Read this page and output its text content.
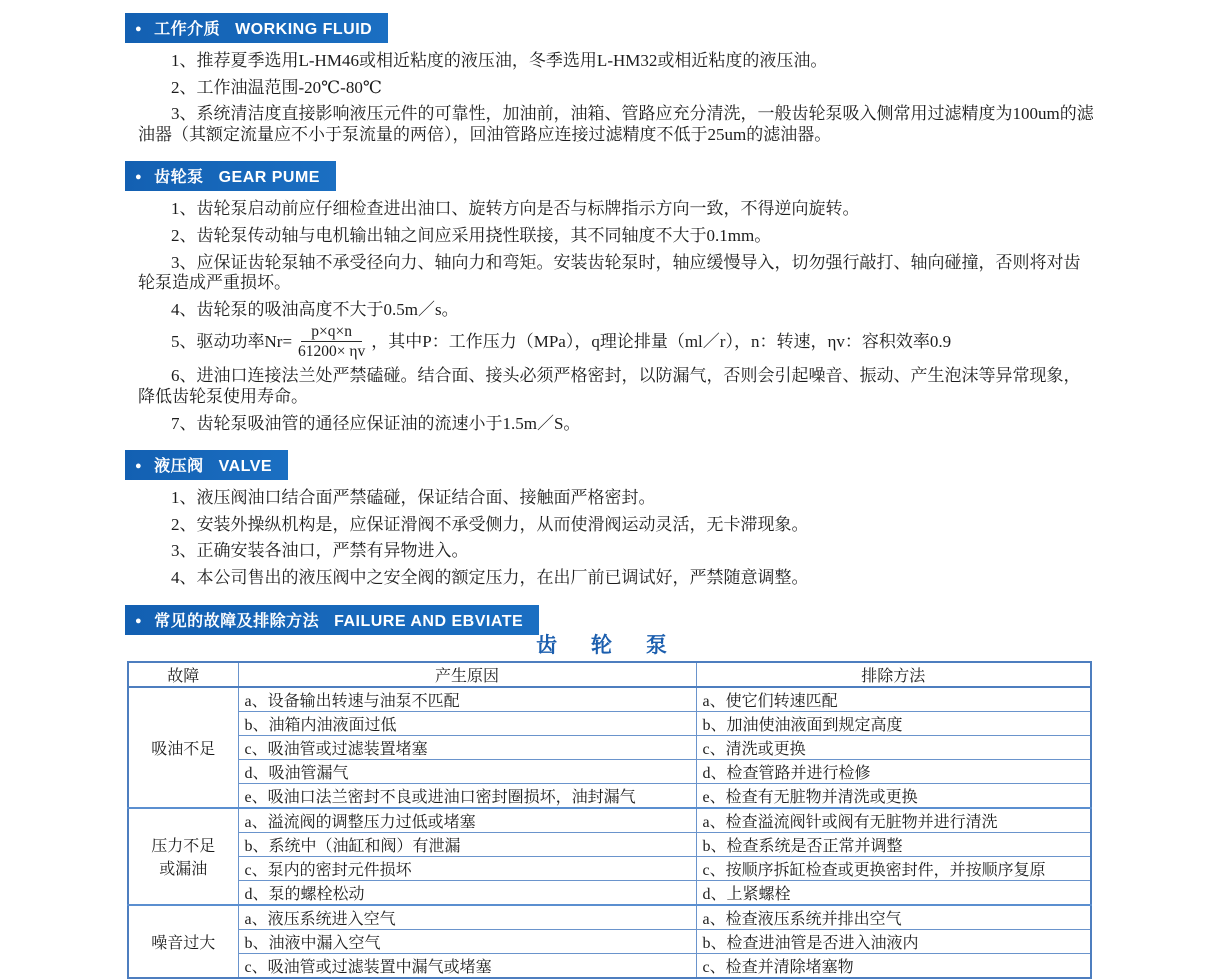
● 工作介质 WORKING FLUID

1、推荐夏季选用L-HM46或相近粘度的液压油，冬季选用L-HM32或相近粘度的液压油。

2、工作油温范围-20℃-80℃

3、系统清洁度直接影响液压元件的可靠性，加油前，油箱、管路应充分清洗，一般齿轮泵吸入侧常用过滤精度为100um的滤油器（其额定流量应不小于泵流量的两倍），回油管路应连接过滤精度不低于25um的滤油器。

● 齿轮泵 GEAR PUME

1、齿轮泵启动前应仔细检查进出油口、旋转方向是否与标牌指示方向一致，不得逆向旋转。

2、齿轮泵传动轴与电机输出轴之间应采用挠性联接，其不同轴度不大于0.1mm。

3、应保证齿轮泵轴不承受径向力、轴向力和弯矩。安装齿轮泵时，轴应缓慢导入，切勿强行敲打、轴向碰撞，否则将对齿轮泵造成严重损坏。

4、齿轮泵的吸油高度不大于0.5m／s。

5、驱动功率$Nr= \frac{p\times q\times n}{61200\times \eta v}$ ，其中P：工作压力（MPa），q理论排量（ml／r），n：转速，ηv：容积效率0.9

6、进油口连接法兰处严禁磕碰。结合面、接头必须严格密封，以防漏气，否则会引起噪音、振动、产生泡沫等异常现象，降低齿轮泵使用寿命。

7、齿轮泵吸油管的通径应保证油的流速小于1.5m／S。

● 液压阀 VALVE

1、液压阀油口结合面严禁磕碰，保证结合面、接触面严格密封。

2、安装外操纵机构是，应保证滑阀不承受侧力，从而使滑阀运动灵活，无卡滞现象。

3、正确安装各油口，严禁有异物进入。

4、本公司售出的液压阀中之安全阀的额定压力，在出厂前已调试好，严禁随意调整。

● 常见的故障及排除方法 FAILURE AND EBVIATE
齿 轮 泵
故障	产生原因	排除方法

吸油不足	a、设备输出转速与油泵不匹配	a、使它们转速匹配
	b、油箱内油液面过低	b、加油使油液面到规定高度
	c、吸油管或过滤装置堵塞	c、清洗或更换
	d、吸油管漏气	d、检查管路并进行检修
	e、吸油口法兰密封不良或进油口密封圈损坏，油封漏气	e、检查有无脏物并清洗或更换

压力不足
或漏油	a、溢流阀的调整压力过低或堵塞	a、检查溢流阀针或阀有无脏物并进行清洗
	b、系统中（油缸和阀）有泄漏	b、检查系统是否正常并调整
	c、泵内的密封元件损坏	c、按顺序拆缸检查或更换密封件，并按顺序复原
	d、泵的螺栓松动	d、上紧螺栓

噪音过大	a、液压系统进入空气	a、检查液压系统并排出空气
	b、油液中漏入空气	b、检查进油管是否进入油液内
	c、吸油管或过滤装置中漏气或堵塞	c、检查并清除堵塞物
